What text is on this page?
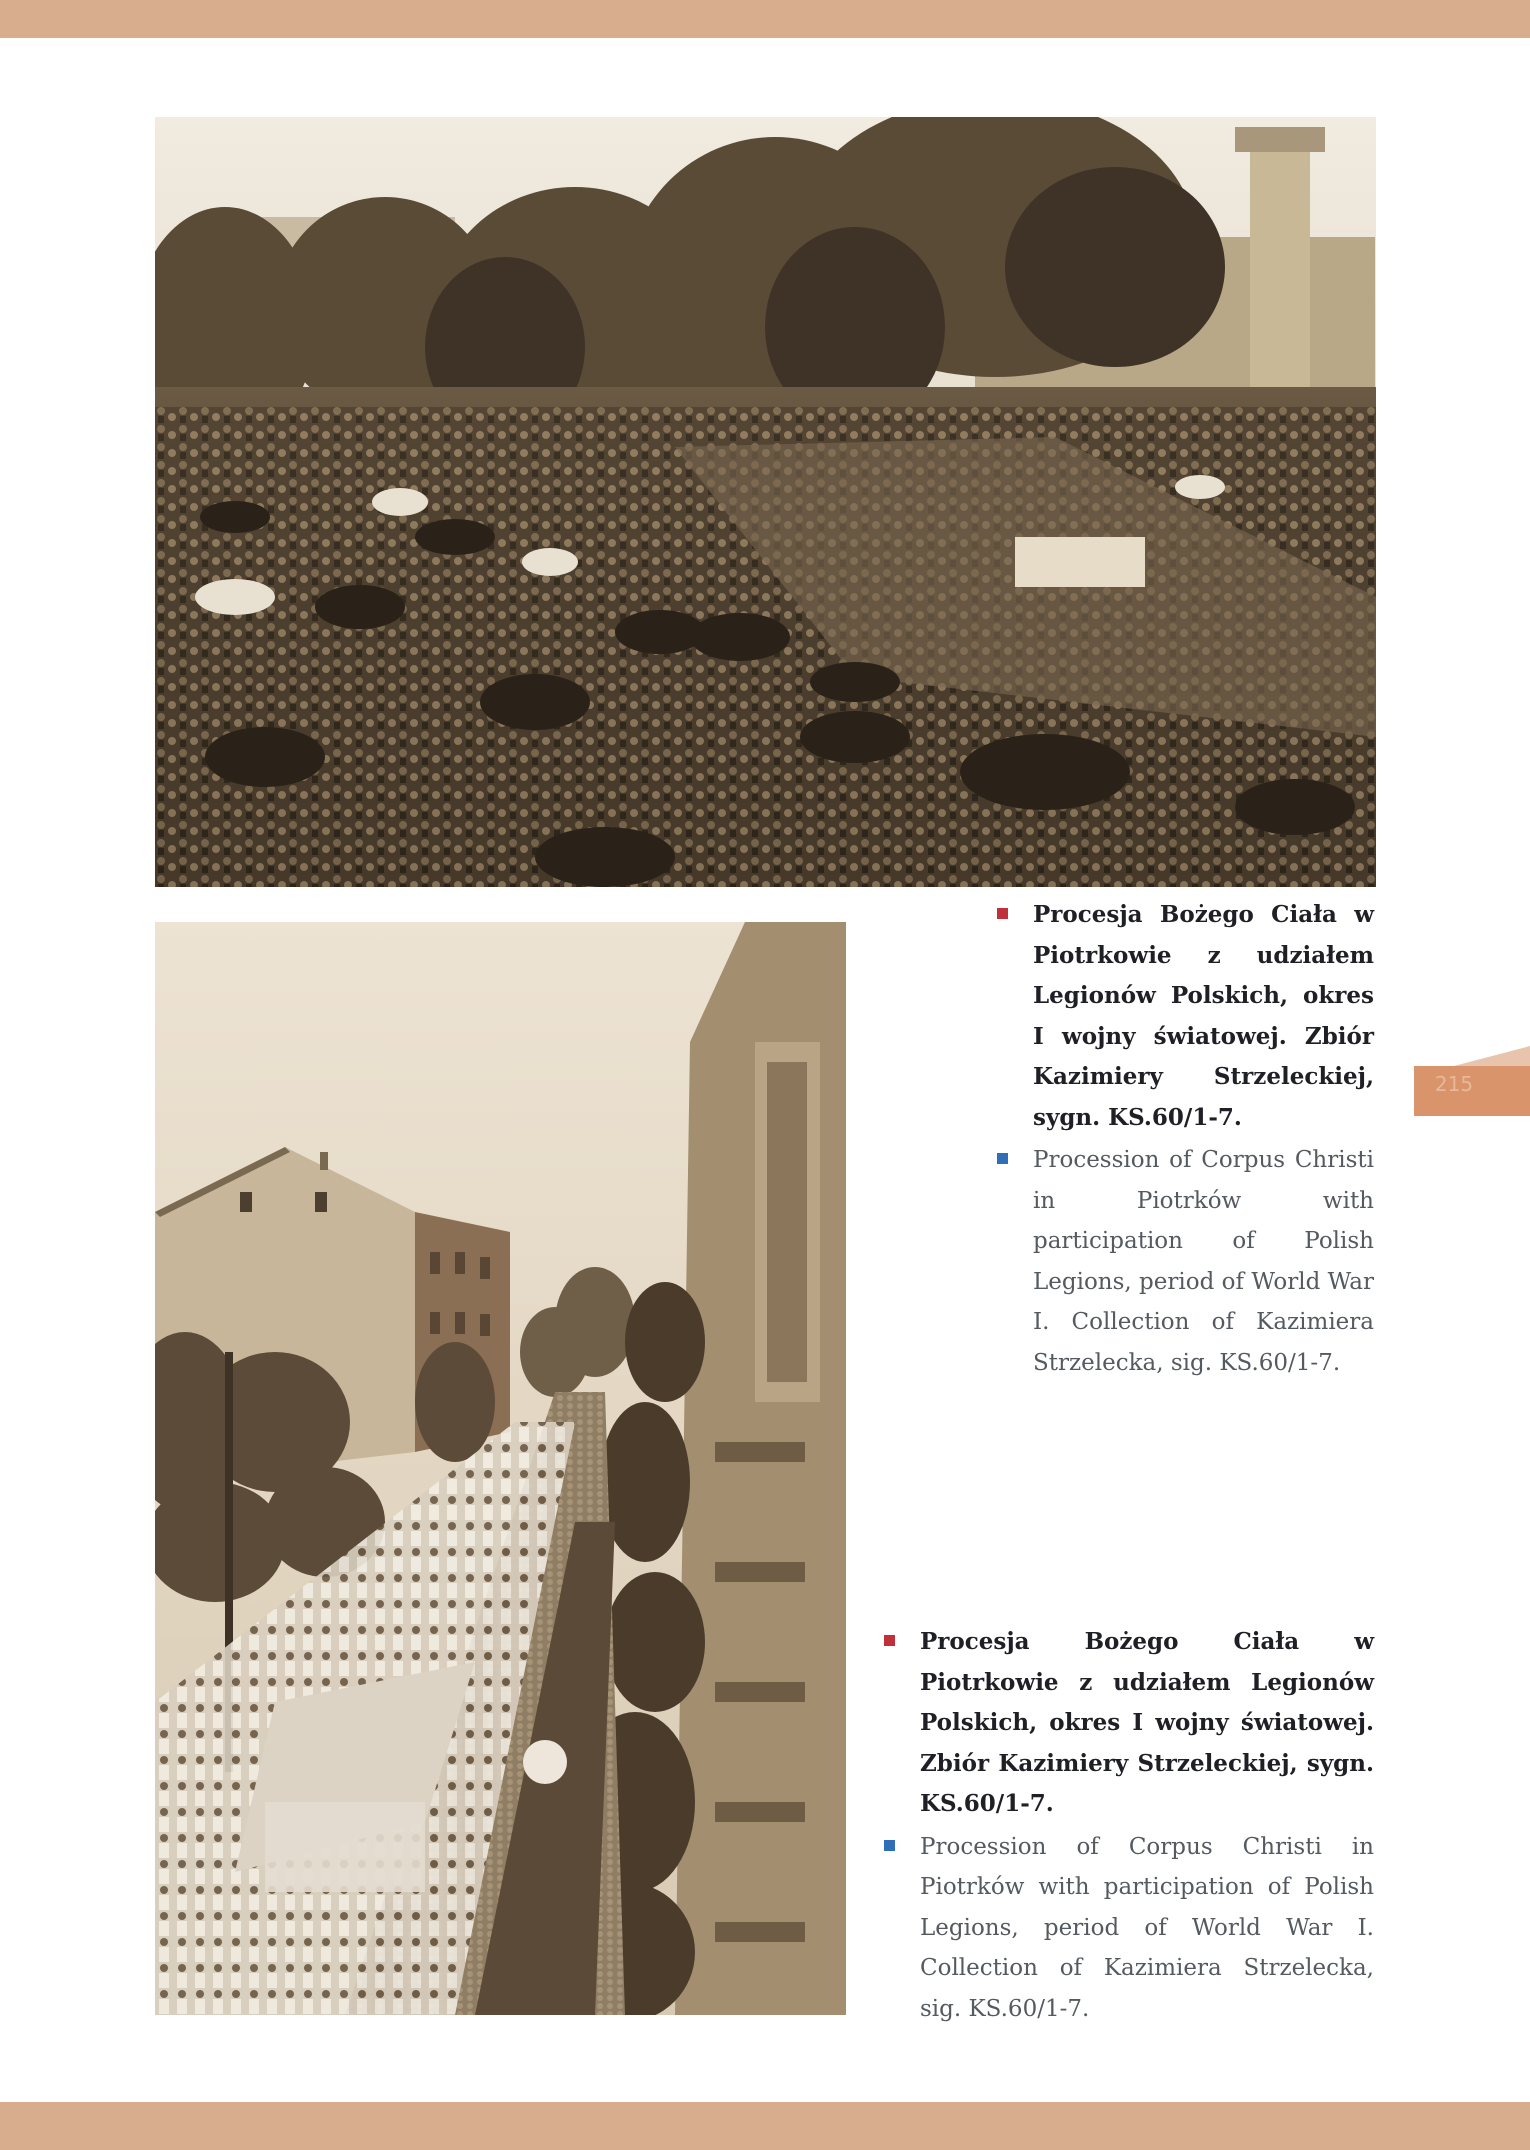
Procesja Bożego Ciała w Piotrkowie z udziałem Legionów Polskich, okres I wojny światowej. Zbiór Kazimiery Strzeleckiej, sygn. KS.60/1-7.
Procession of Corpus Christi in Piotrków with participation of Polish Legions, period of World War I. Collection of Kazimiera Strzelecka, sig. KS.60/1-7.
Procesja Bożego Ciała w Piotrkowie z udziałem Legionów Polskich, okres I wojny światowej. Zbiór Kazimiery Strzeleckiej, sygn. KS.60/1-7.
Procession of Corpus Christi in Piotrków with participation of Polish Legions, period of World War I. Collection of Kazimiera Strzelecka, sig. KS.60/1-7.
215
